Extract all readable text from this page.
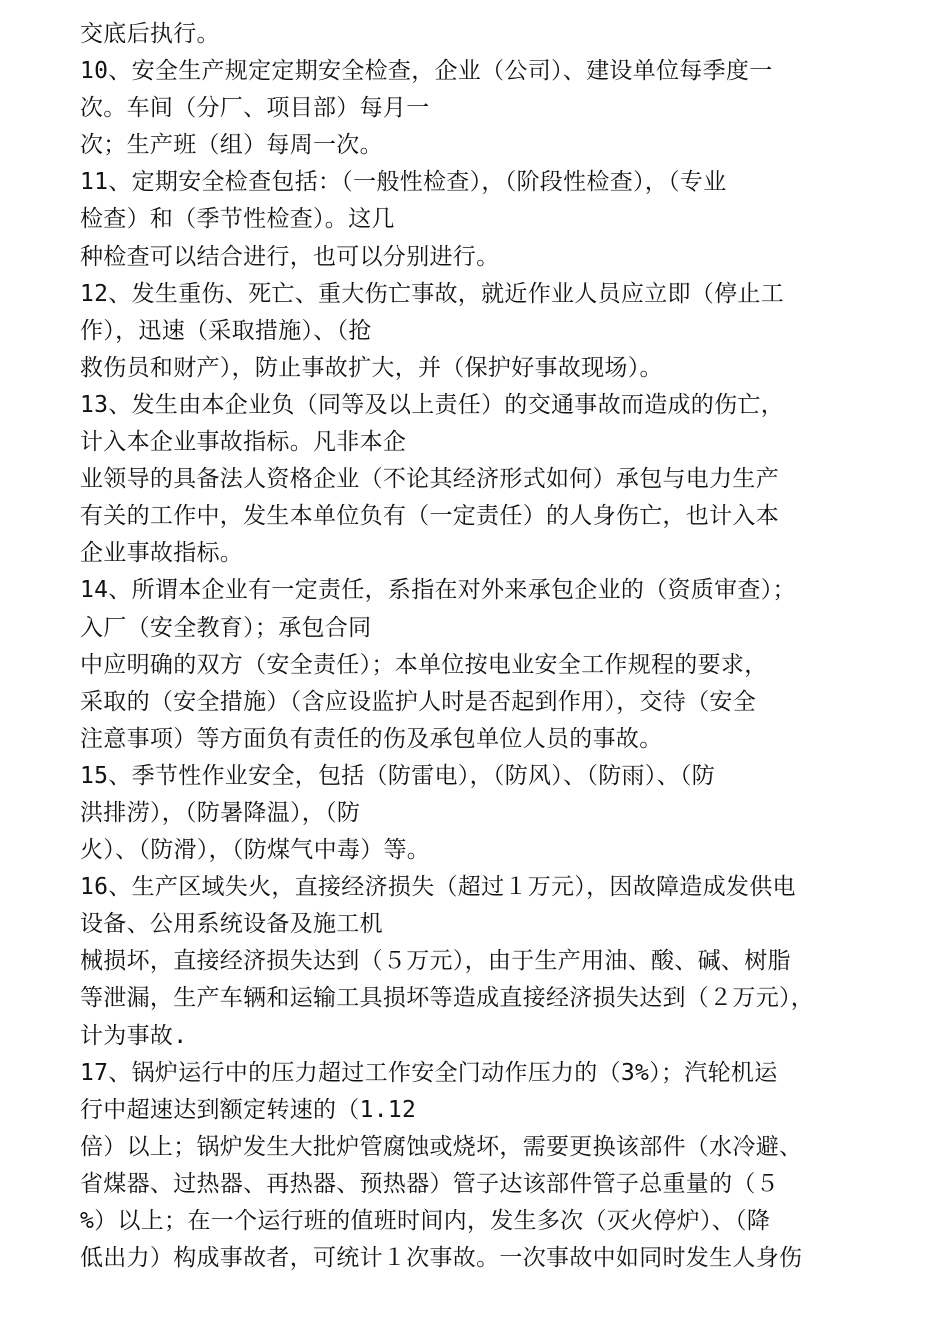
交底后执行。
10、安全生产规定定期安全检查，企业（公司）、建设单位每季度一
次。车间（分厂、项目部）每月一
次；生产班（组）每周一次。
11、定期安全检查包括：（一般性检查），（阶段性检查），（专业
检查）和（季节性检查）。这几
种检查可以结合进行，也可以分别进行。
12、发生重伤、死亡、重大伤亡事故，就近作业人员应立即（停止工
作），迅速（采取措施）、（抢
救伤员和财产），防止事故扩大，并（保护好事故现场）。
13、发生由本企业负（同等及以上责任）的交通事故而造成的伤亡，
计入本企业事故指标。凡非本企
业领导的具备法人资格企业（不论其经济形式如何）承包与电力生产
有关的工作中，发生本单位负有（一定责任）的人身伤亡，也计入本
企业事故指标。
14、所谓本企业有一定责任，系指在对外来承包企业的（资质审查）；
入厂（安全教育）；承包合同
中应明确的双方（安全责任）；本单位按电业安全工作规程的要求，
采取的（安全措施）（含应设监护人时是否起到作用），交待（安全
注意事项）等方面负有责任的伤及承包单位人员的事故。
15、季节性作业安全，包括（防雷电），（防风）、（防雨）、（防
洪排涝），（防暑降温），（防
火）、（防滑），（防煤气中毒）等。
16、生产区域失火，直接经济损失（超过１万元），因故障造成发供电
设备、公用系统设备及施工机
械损坏，直接经济损失达到（５万元），由于生产用油、酸、碱、树脂
等泄漏，生产车辆和运输工具损坏等造成直接经济损失达到（２万元），
计为事故.
17、锅炉运行中的压力超过工作安全门动作压力的（3%）；汽轮机运
行中超速达到额定转速的（1.12
倍）以上；锅炉发生大批炉管腐蚀或烧坏，需要更换该部件（水冷避、
省煤器、过热器、再热器、预热器）管子达该部件管子总重量的（５
%）以上；在一个运行班的值班时间内，发生多次（灭火停炉）、（降
低出力）构成事故者，可统计１次事故。一次事故中如同时发生人身伤
